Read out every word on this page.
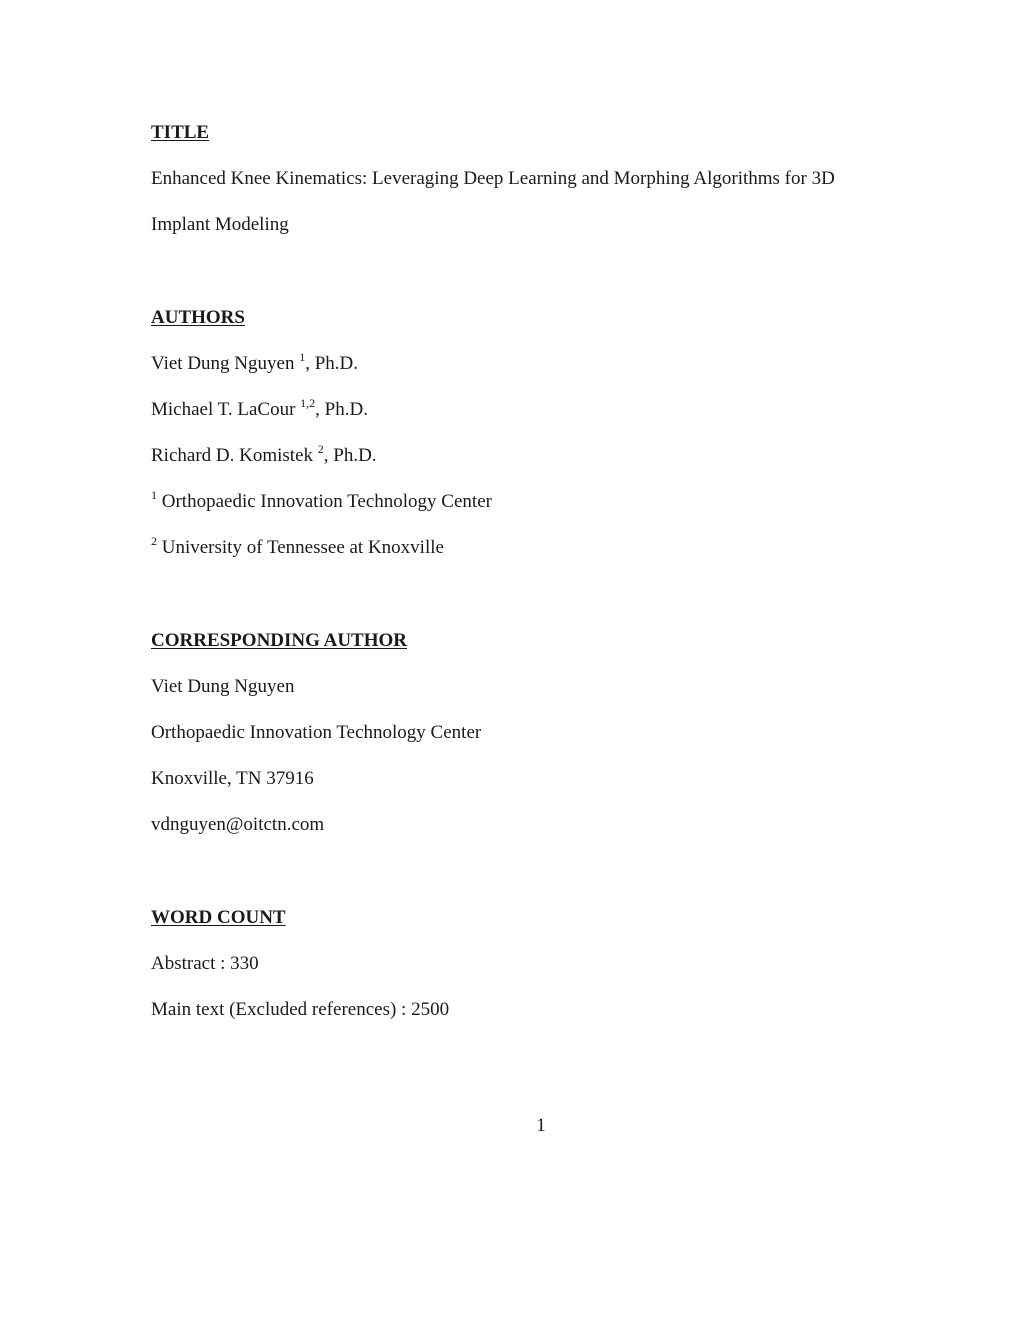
TITLE
Enhanced Knee Kinematics: Leveraging Deep Learning and Morphing Algorithms for 3D
Implant Modeling
AUTHORS
Viet Dung Nguyen $^1$, Ph.D.
Michael T. LaCour $^{1,2}$, Ph.D.
Richard D. Komistek $^2$, Ph.D.
$^1$ Orthopaedic Innovation Technology Center
$^2$ University of Tennessee at Knoxville
CORRESPONDING AUTHOR
Viet Dung Nguyen
Orthopaedic Innovation Technology Center
Knoxville, TN 37916
vdnguyen@oitctn.com
WORD COUNT
Abstract : 330
Main text (Excluded references) : 2500
1
